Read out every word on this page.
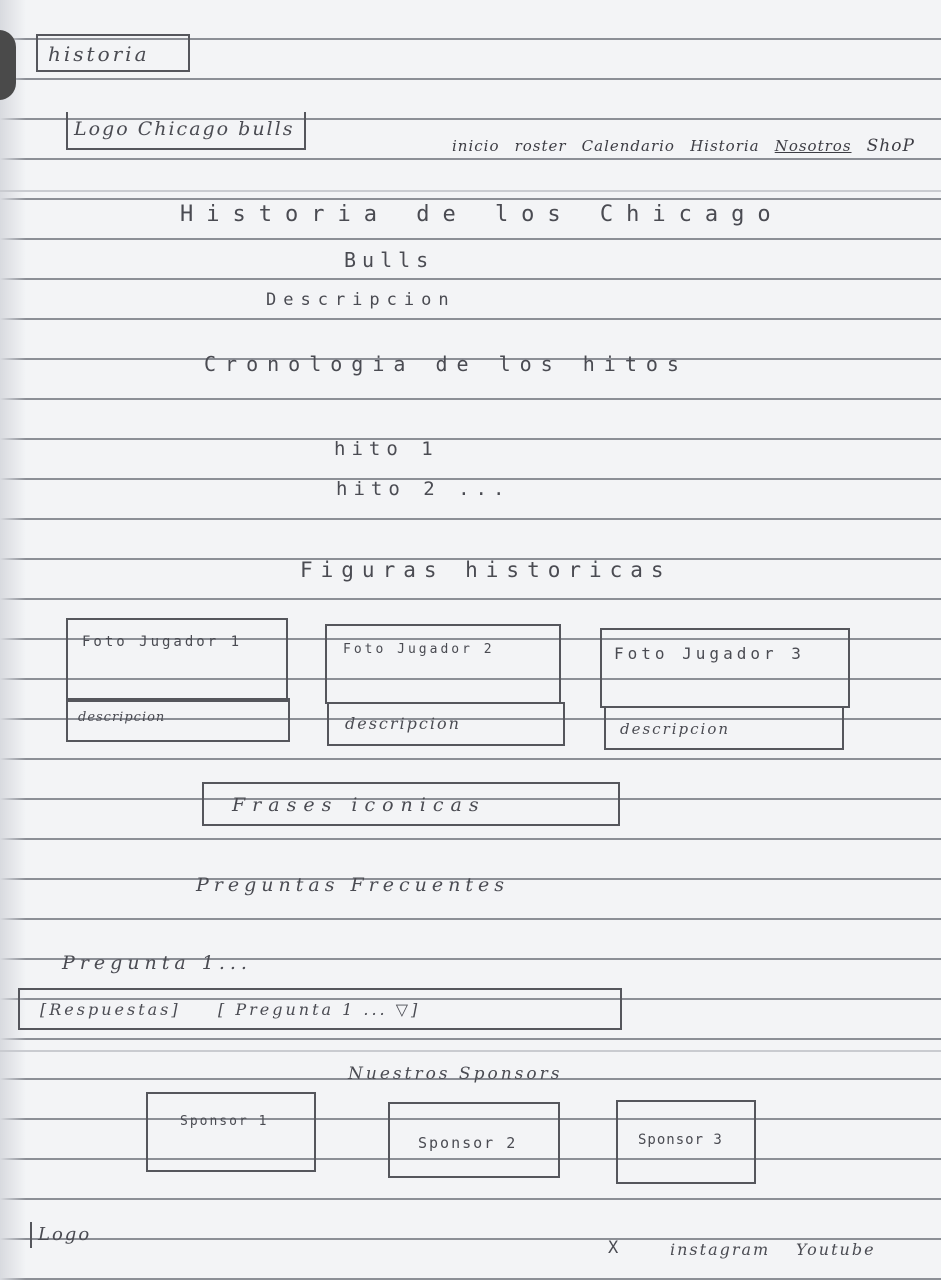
historia
Logo Chicago bulls
inicio roster Calendario Historia Nosotros ShoP
Historia de los Chicago
Bulls
Descripcion
Cronologia de los hitos
hito 1
hito 2 ...
Figuras historicas
Foto Jugador 1
descripcion
Foto Jugador 2
descripcion
Foto Jugador 3
descripcion
Frases iconicas
Preguntas Frecuentes
Pregunta 1...
[Respuestas] [ Pregunta 1 ... ▽]
Nuestros Sponsors
Sponsor 1
Sponsor 2	Sponsor 3
Logo
X	instagram Youtube
